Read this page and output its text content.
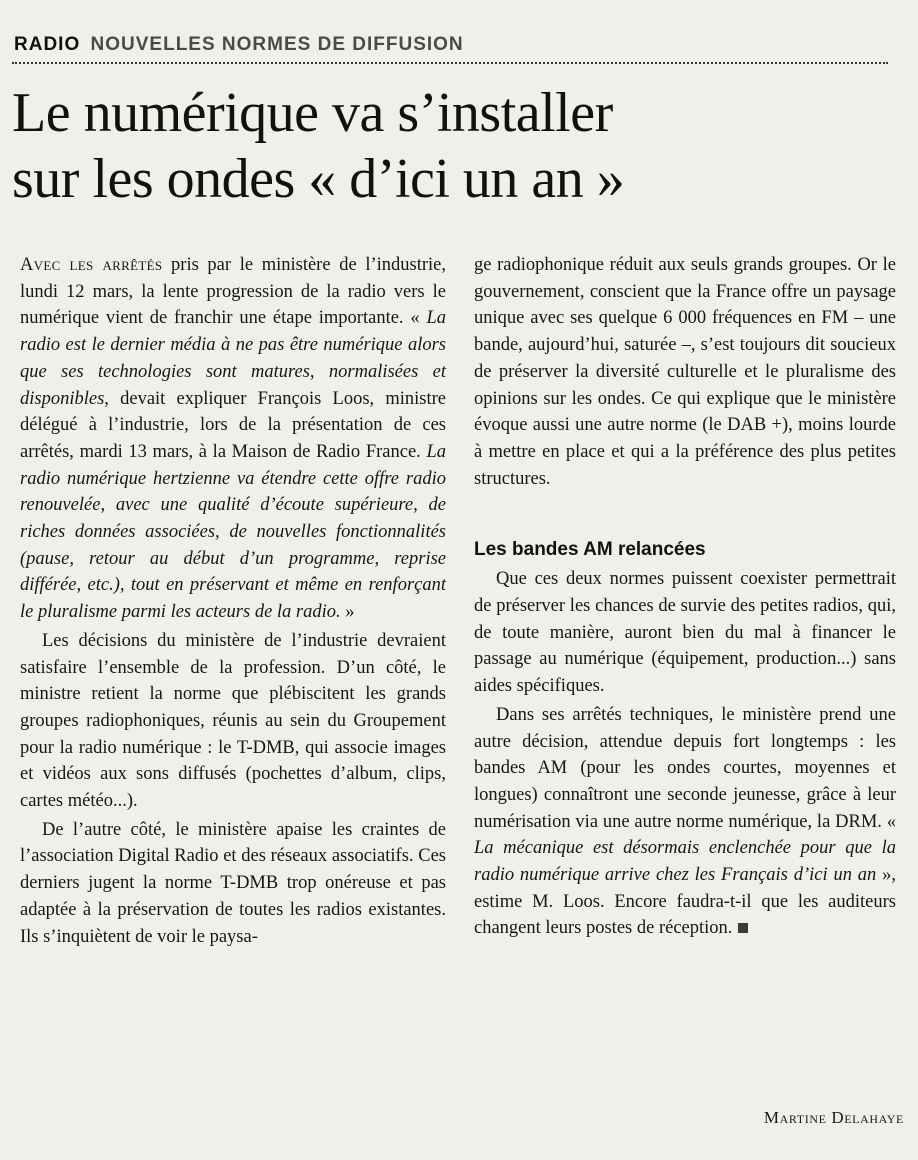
RADIO NOUVELLES NORMES DE DIFFUSION
Le numérique va s’installer
sur les ondes « d’ici un an »

Avec les arrêtés pris par le ministère de l’industrie, lundi 12 mars, la lente progression de la radio vers le numérique vient de franchir une étape importante. « La radio est le dernier média à ne pas être numérique alors que ses technologies sont matures, normalisées et disponibles, devait expliquer François Loos, ministre délégué à l’industrie, lors de la présentation de ces arrêtés, mardi 13 mars, à la Maison de Radio France. La radio numérique hertzienne va étendre cette offre radio renouvelée, avec une qualité d’écoute supérieure, de riches données associées, de nouvelles fonctionnalités (pause, retour au début d’un programme, reprise différée, etc.), tout en préservant et même en renforçant le pluralisme parmi les acteurs de la radio. »

Les décisions du ministère de l’industrie devraient satisfaire l’ensemble de la profession. D’un côté, le ministre retient la norme que plébiscitent les grands groupes radiophoniques, réunis au sein du Groupement pour la radio numérique : le T-DMB, qui associe images et vidéos aux sons diffusés (pochettes d’album, clips, cartes météo...).

De l’autre côté, le ministère apaise les craintes de l’association Digital Radio et des réseaux associatifs. Ces derniers jugent la norme T-DMB trop onéreuse et pas adaptée à la préservation de toutes les radios existantes. Ils s’inquiètent de voir le paysa-

ge radiophonique réduit aux seuls grands groupes. Or le gouvernement, conscient que la France offre un paysage unique avec ses quelque 6 000 fréquences en FM – une bande, aujourd’hui, saturée –, s’est toujours dit soucieux de préserver la diversité culturelle et le pluralisme des opinions sur les ondes. Ce qui explique que le ministère évoque aussi une autre norme (le DAB +), moins lourde à mettre en place et qui a la préférence des plus petites structures.

Les bandes AM relancées

Que ces deux normes puissent coexister permettrait de préserver les chances de survie des petites radios, qui, de toute manière, auront bien du mal à financer le passage au numérique (équipement, production...) sans aides spécifiques.

Dans ses arrêtés techniques, le ministère prend une autre décision, attendue depuis fort longtemps : les bandes AM (pour les ondes courtes, moyennes et longues) connaîtront une seconde jeunesse, grâce à leur numérisation via une autre norme numérique, la DRM. « La mécanique est désormais enclenchée pour que la radio numérique arrive chez les Français d’ici un an », estime M. Loos. Encore faudra-t-il que les auditeurs changent leurs postes de réception.

Martine Delahaye
